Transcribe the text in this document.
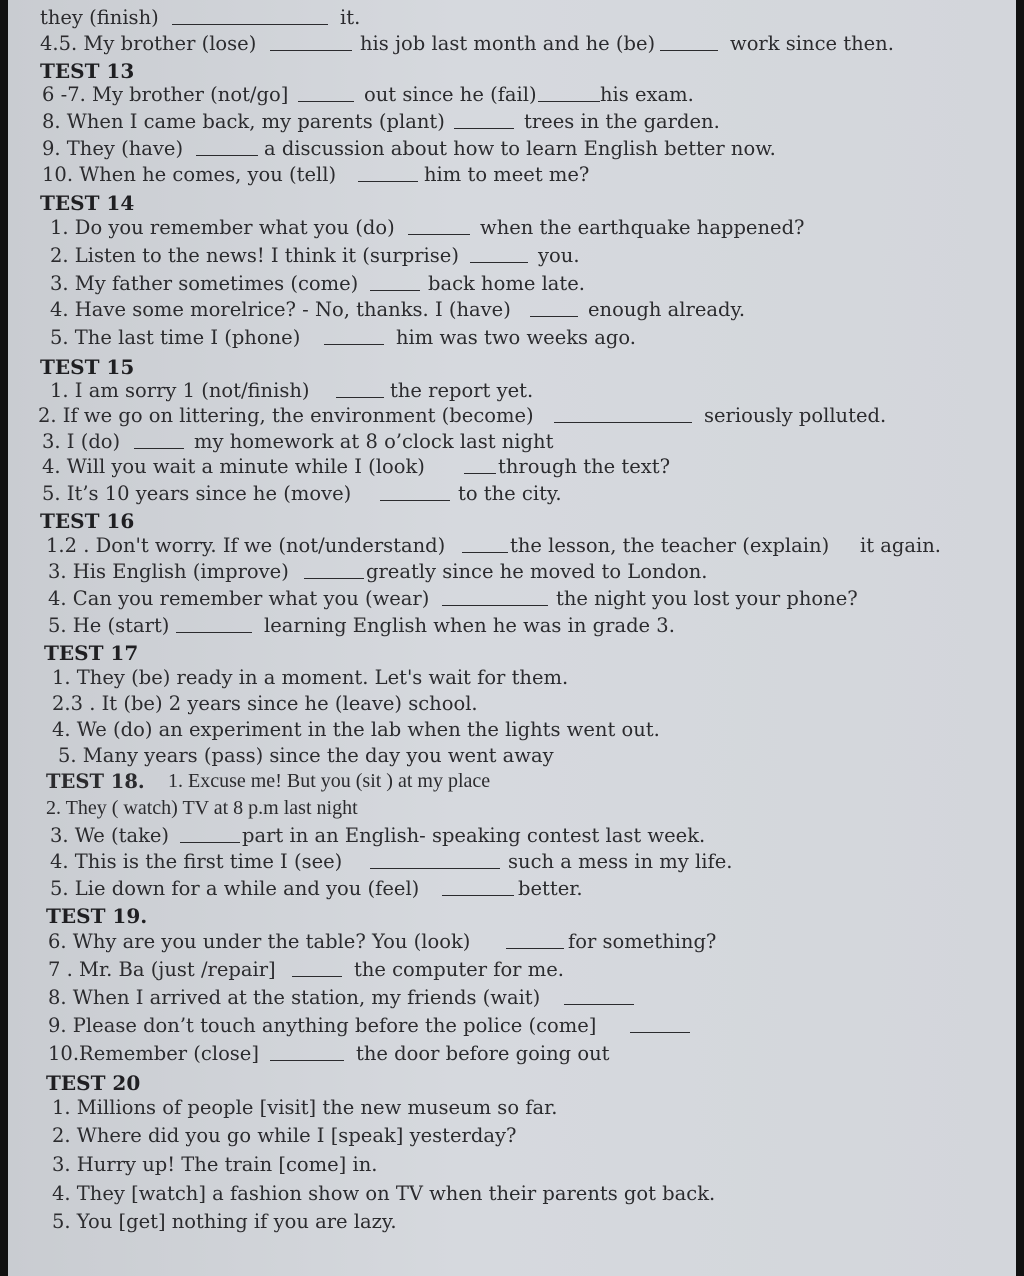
they (finish)	it.
4.5. My brother (lose)	his job last month and he (be)	work since then.
TEST 13
6 -7. My brother (not/go]	out since he (fail)	his exam.
8. When I came back, my parents (plant)	trees in the garden.
9. They (have)	a discussion about how to learn English better now.
10. When he comes, you (tell)	him to meet me?
TEST 14
1. Do you remember what you (do)	when the earthquake happened?
2. Listen to the news! I think it (surprise)	you.
3. My father sometimes (come)	back home late.
4. Have some morelrice? - No, thanks. I (have)	enough already.
5. The last time I (phone)	him was two weeks ago.
TEST 15
1. I am sorry 1 (not/finish)	the report yet.
2. If we go on littering, the environment (become)	seriously polluted.
3. I (do)	my homework at 8 o’clock last night
4. Will you wait a minute while I (look)	through the text?
5. It’s 10 years since he (move)	to the city.
TEST 16
1.2 . Don't worry. If we (not/understand)	the lesson, the teacher (explain) it again.
3. His English (improve)	greatly since he moved to London.
4. Can you remember what you (wear)	the night you lost your phone?
5. He (start)	learning English when he was in grade 3.
TEST 17
1. They (be) ready in a moment. Let's wait for them.
2.3 . It (be) 2 years since he (leave) school.
4. We (do) an experiment in the lab when the lights went out.
5. Many years (pass) since the day you went away
TEST 18. 1. Excuse me! But you (sit ) at my place
2. They ( watch) TV at 8 p.m last night
3. We (take)	part in an English- speaking contest last week.
4. This is the first time I (see)	such a mess in my life.
5. Lie down for a while and you (feel)	better.
TEST 19.
6. Why are you under the table? You (look)	for something?
7 . Mr. Ba (just /repair]	the computer for me.
8. When I arrived at the station, my friends (wait)
9. Please don’t touch anything before the police (come]
10.Remember (close]	the door before going out
TEST 20
1. Millions of people [visit] the new museum so far.
2. Where did you go while I [speak] yesterday?
3. Hurry up! The train [come] in.
4. They [watch] a fashion show on TV when their parents got back.
5. You [get] nothing if you are lazy.
